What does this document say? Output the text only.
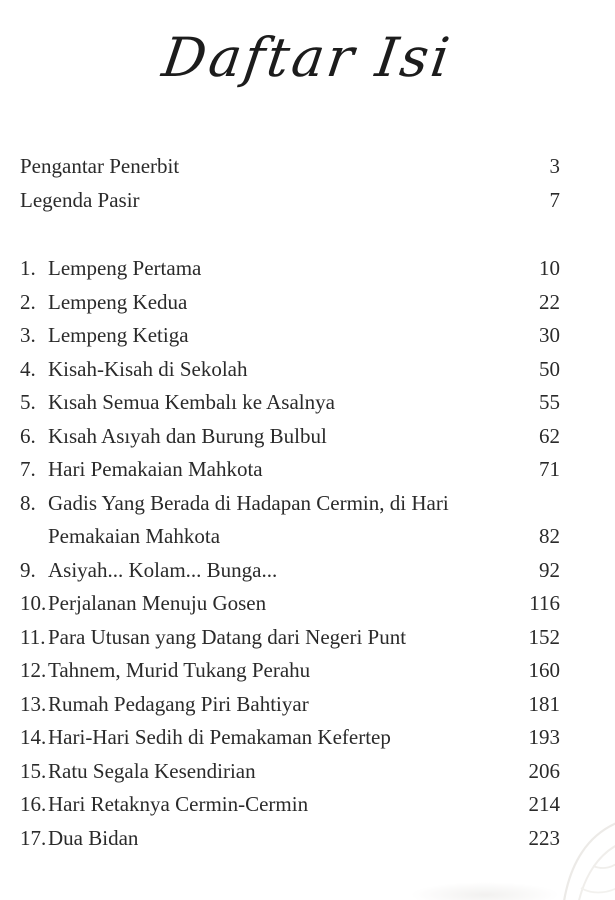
Daftar Isi
Pengantar Penerbit	3
Legenda Pasir	7
1. Lempeng Pertama	10
2. Lempeng Kedua	22
3. Lempeng Ketiga	30
4. Kisah-Kisah di Sekolah	50
5. Kısah Semua Kembalı ke Asalnya	55
6. Kısah Asıyah dan Burung Bulbul	62
7. Hari Pemakaian Mahkota	71
8. Gadis Yang Berada di Hadapan Cermin, di Hari
Pemakaian Mahkota	82
9. Asiyah... Kolam... Bunga...	92
10. Perjalanan Menuju Gosen	116
11. Para Utusan yang Datang dari Negeri Punt	152
12. Tahnem, Murid Tukang Perahu	160
13. Rumah Pedagang Piri Bahtiyar	181
14. Hari-Hari Sedih di Pemakaman Kefertep	193
15. Ratu Segala Kesendirian	206
16. Hari Retaknya Cermin-Cermin	214
17. Dua Bidan	223
